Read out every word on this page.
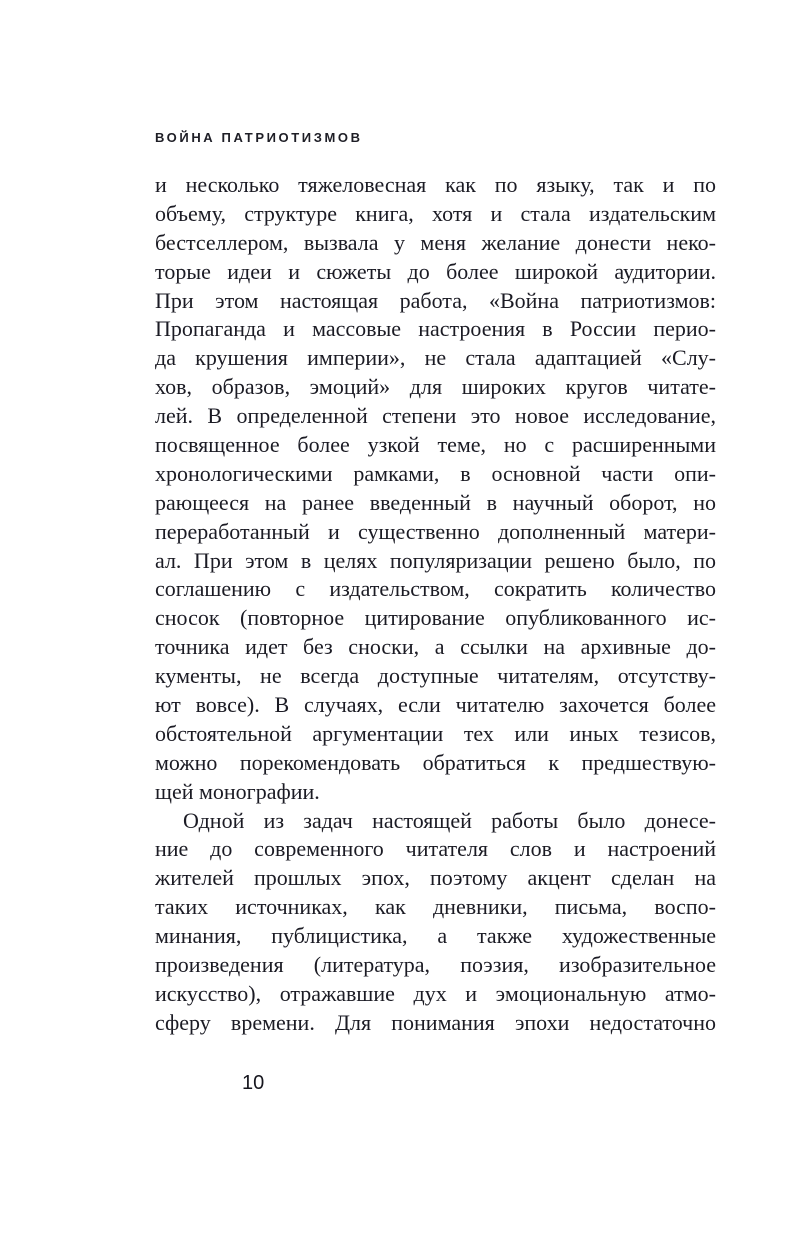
ВОЙНА ПАТРИОТИЗМОВ
и несколько тяжеловесная как по языку, так и по
объему, структуре книга, хотя и стала издательским
бестселлером, вызвала у меня желание донести неко-
торые идеи и сюжеты до более широкой аудитории.
При этом настоящая работа, «Война патриотизмов:
Пропаганда и массовые настроения в России перио-
да крушения империи», не стала адаптацией «Слу-
хов, образов, эмоций» для широких кругов читате-
лей. В определенной степени это новое исследование,
посвященное более узкой теме, но с расширенными
хронологическими рамками, в основной части опи-
рающееся на ранее введенный в научный оборот, но
переработанный и существенно дополненный матери-
ал. При этом в целях популяризации решено было, по
соглашению с издательством, сократить количество
сносок (повторное цитирование опубликованного ис-
точника идет без сноски, а ссылки на архивные до-
кументы, не всегда доступные читателям, отсутству-
ют вовсе). В случаях, если читателю захочется более
обстоятельной аргументации тех или иных тезисов,
можно порекомендовать обратиться к предшествую-
щей монографии.
Одной из задач настоящей работы было донесе-
ние до современного читателя слов и настроений
жителей прошлых эпох, поэтому акцент сделан на
таких источниках, как дневники, письма, воспо-
минания, публицистика, а также художественные
произведения (литература, поэзия, изобразительное
искусство), отражавшие дух и эмоциональную атмо-
сферу времени. Для понимания эпохи недостаточно
10
